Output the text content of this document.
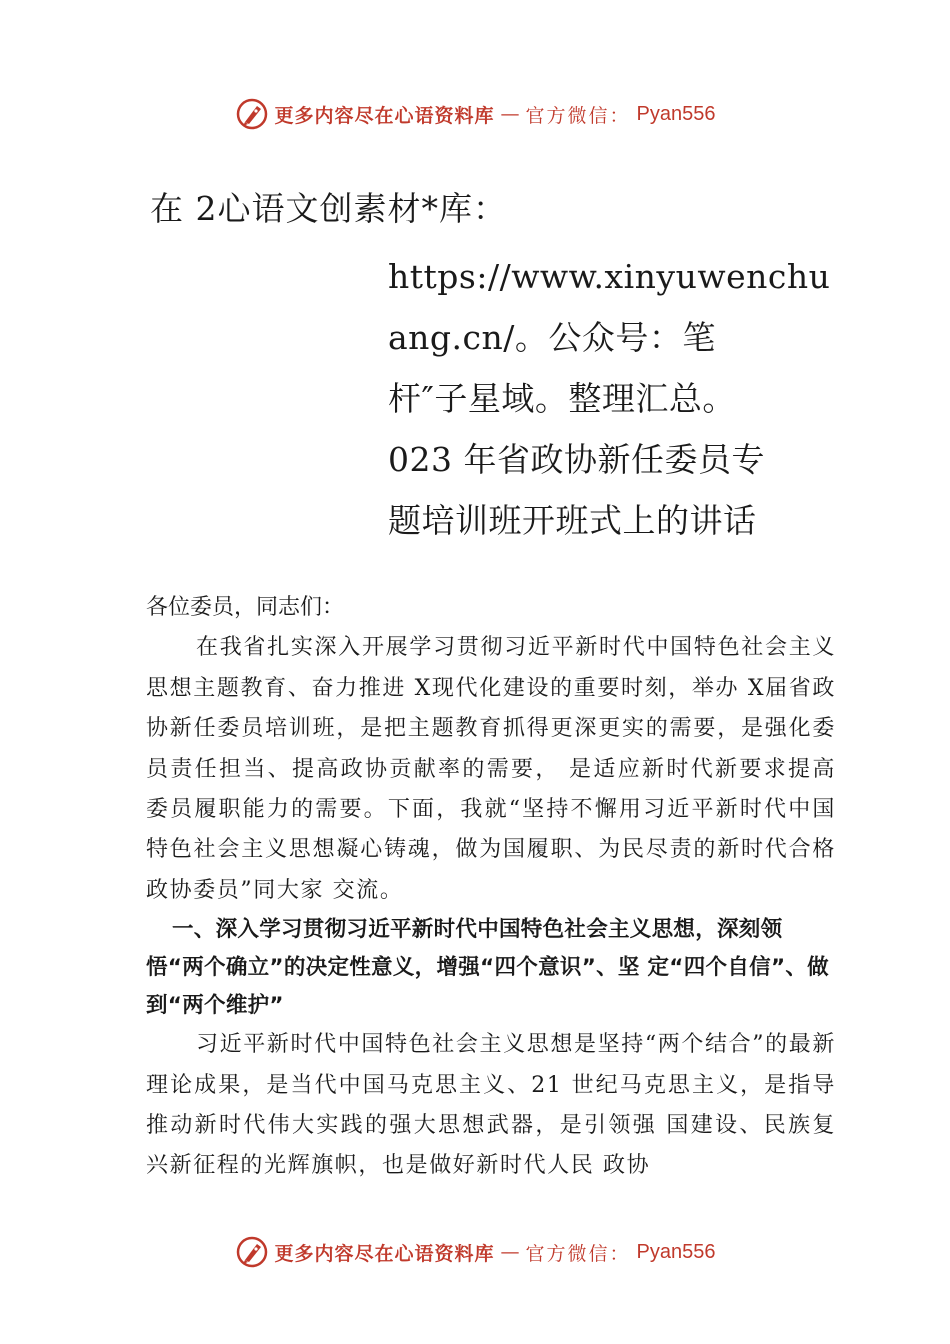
更多内容尽在心语资料库 — 官方微信： Pyan556
在 2心语文创素材*库：
https://www.xinyuwenchu
ang.cn/。公众号：笔
杆″子星域。整理汇总。
023 年省政协新任委员专
题培训班开班式上的讲话

各位委员，同志们：

在我省扎实深入开展学习贯彻习近平新时代中国特色社会主义思想主题教育、奋力推进 X现代化建设的重要时刻，举办 X届省政协新任委员培训班，是把主题教育抓得更深更实的需要，是强化委员责任担当、提高政协贡献率的需要， 是适应新时代新要求提高委员履职能力的需要。下面，我就“坚持不懈用习近平新时代中国特色社会主义思想凝心铸魂，做为国履职、为民尽责的新时代合格政协委员”同大家 交流。

一、深入学习贯彻习近平新时代中国特色社会主义思想，深刻领悟“两个确立”的决定性意义，增强“四个意识”、坚 定“四个自信”、做到“两个维护”

习近平新时代中国特色社会主义思想是坚持“两个结合”的最新理论成果，是当代中国马克思主义、21 世纪马克思主义，是指导推动新时代伟大实践的强大思想武器，是引领强 国建设、民族复兴新征程的光辉旗帜，也是做好新时代人民 政协

更多内容尽在心语资料库 — 官方微信： Pyan556
